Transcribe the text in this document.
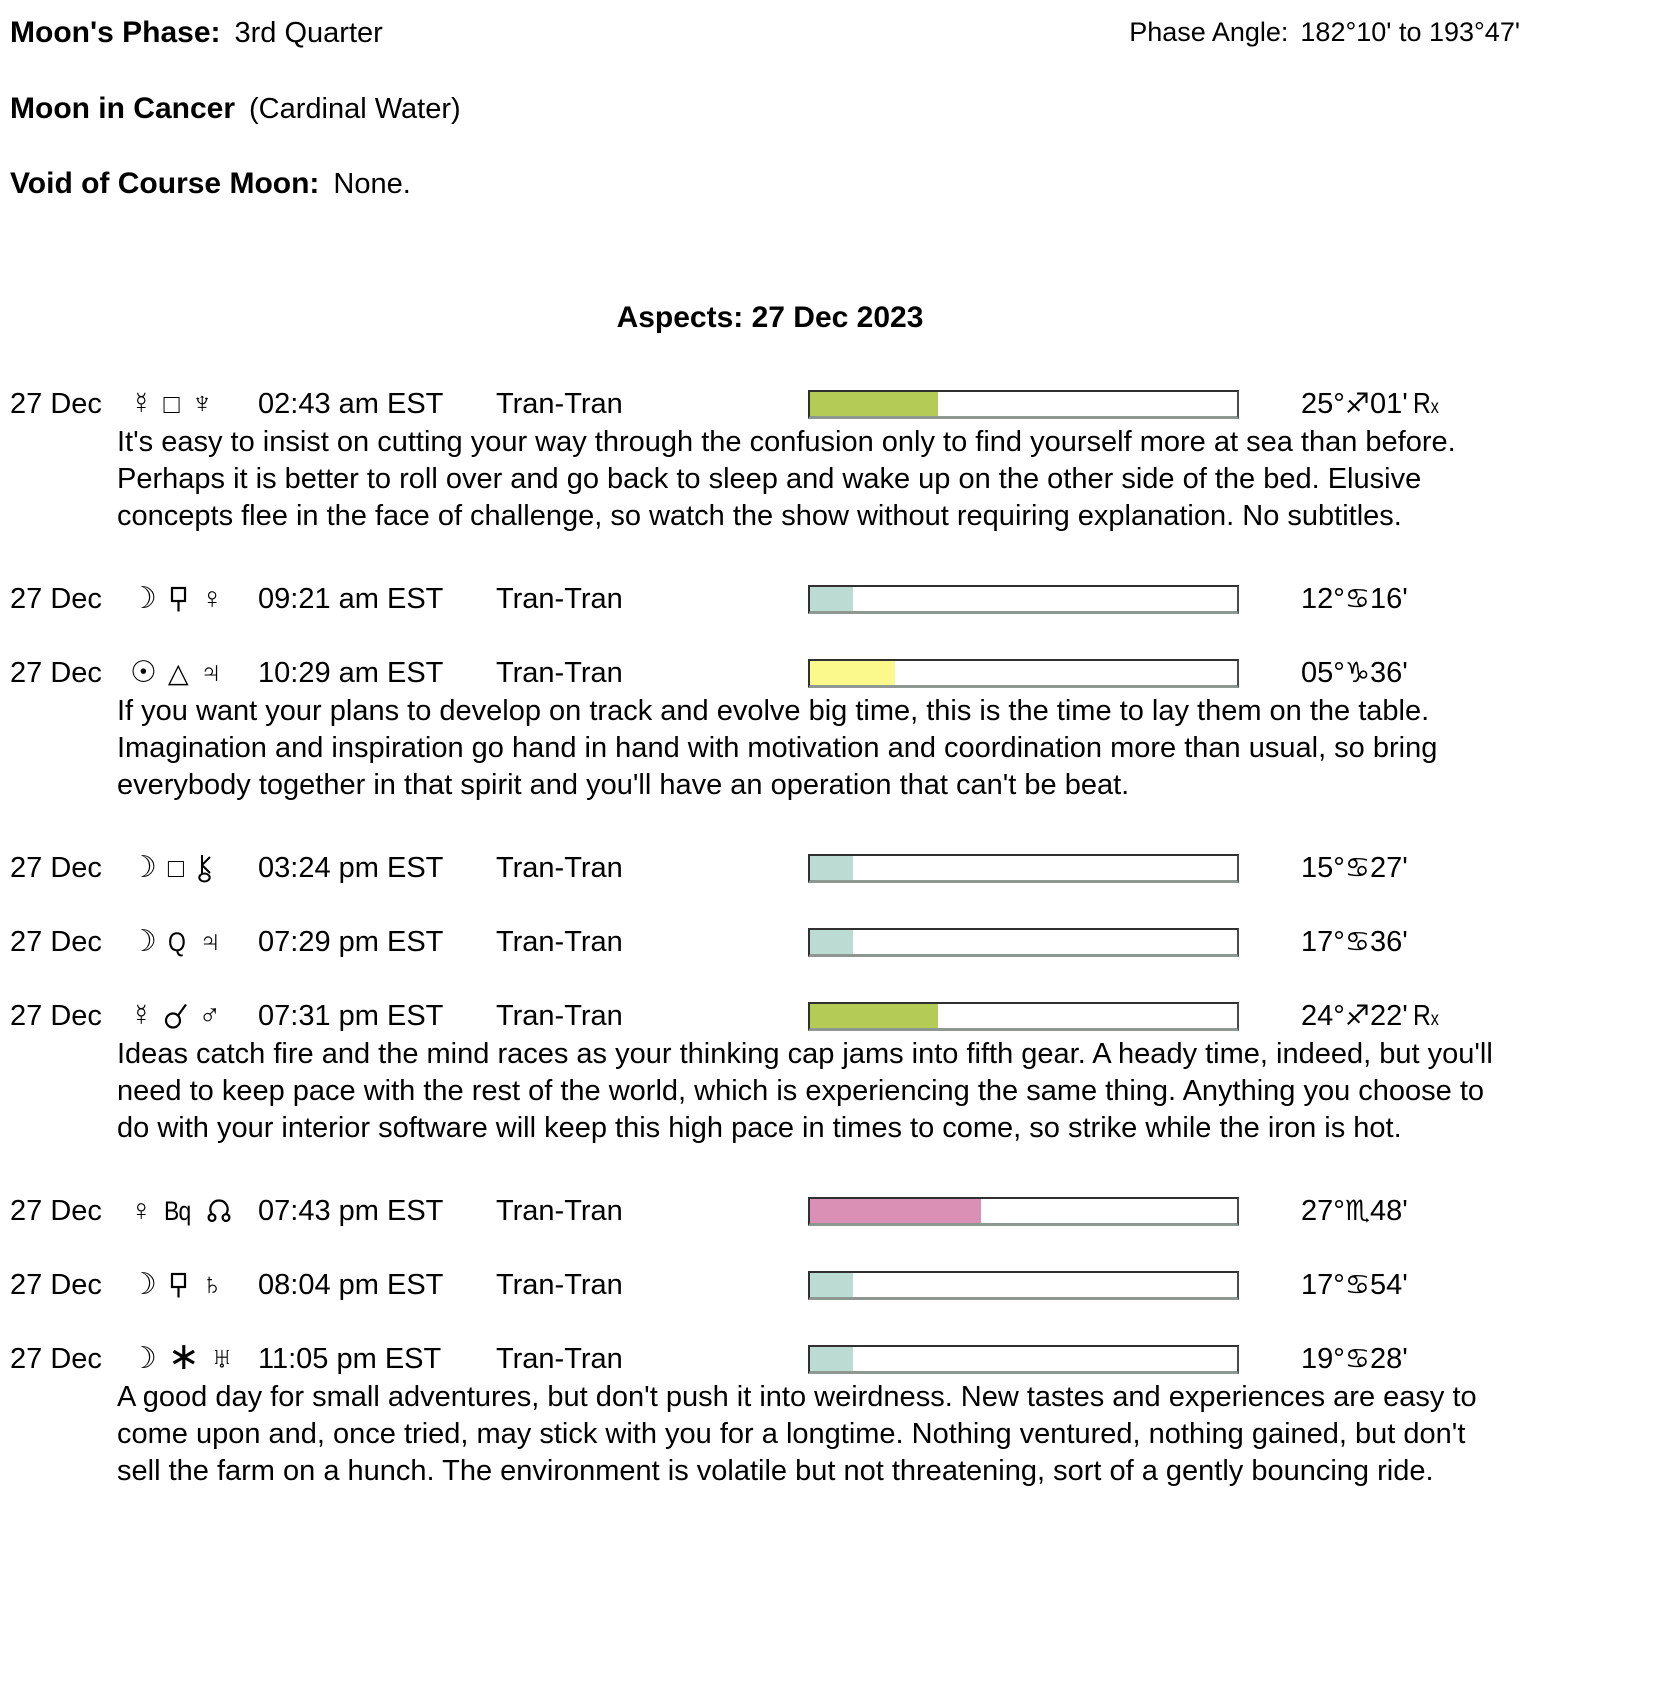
Moon's Phase: 3rd Quarter	Phase Angle: 182°10' to 193°47'
Moon in Cancer (Cardinal Water)
Void of Course Moon: None.
Aspects: 27 Dec 2023
27 Dec ☿ □ ♆ 02:43 am EST	Tran-Tran	25°♐01' Rx
It's easy to insist on cutting your way through the confusion only to find yourself more at sea than before. Perhaps it is better to roll over and go back to sleep and wake up on the other side of the bed. Elusive concepts flee in the face of challenge, so watch the show without requiring explanation. No subtitles.
27 Dec ☽ ♀ 09:21 am EST	Tran-Tran	12°♋16'
27 Dec ☉ △ ♃ 10:29 am EST	Tran-Tran	05°♑36'
If you want your plans to develop on track and evolve big time, this is the time to lay them on the table. Imagination and inspiration go hand in hand with motivation and coordination more than usual, so bring everybody together in that spirit and you'll have an operation that can't be beat.
27 Dec ☽ □	03:24 pm EST	Tran-Tran	15°♋27'
27 Dec ☽ Q ♃ 07:29 pm EST	Tran-Tran	17°♋36'
27 Dec ☿ ♂ 07:31 pm EST	Tran-Tran	24°♐22' Rx
Ideas catch fire and the mind races as your thinking cap jams into fifth gear. A heady time, indeed, but you'll need to keep pace with the rest of the world, which is experiencing the same thing. Anything you choose to do with your interior software will keep this high pace in times to come, so strike while the iron is hot.
27 Dec ♀ Bq 07:43 pm EST	Tran-Tran	27°♏48'
27 Dec ☽ ♄ 08:04 pm EST	Tran-Tran	17°♋54'
27 Dec ☽ ∗ ♅ 11:05 pm EST	Tran-Tran	19°♋28'
A good day for small adventures, but don't push it into weirdness. New tastes and experiences are easy to come upon and, once tried, may stick with you for a longtime. Nothing ventured, nothing gained, but don't sell the farm on a hunch. The environment is volatile but not threatening, sort of a gently bouncing ride.
